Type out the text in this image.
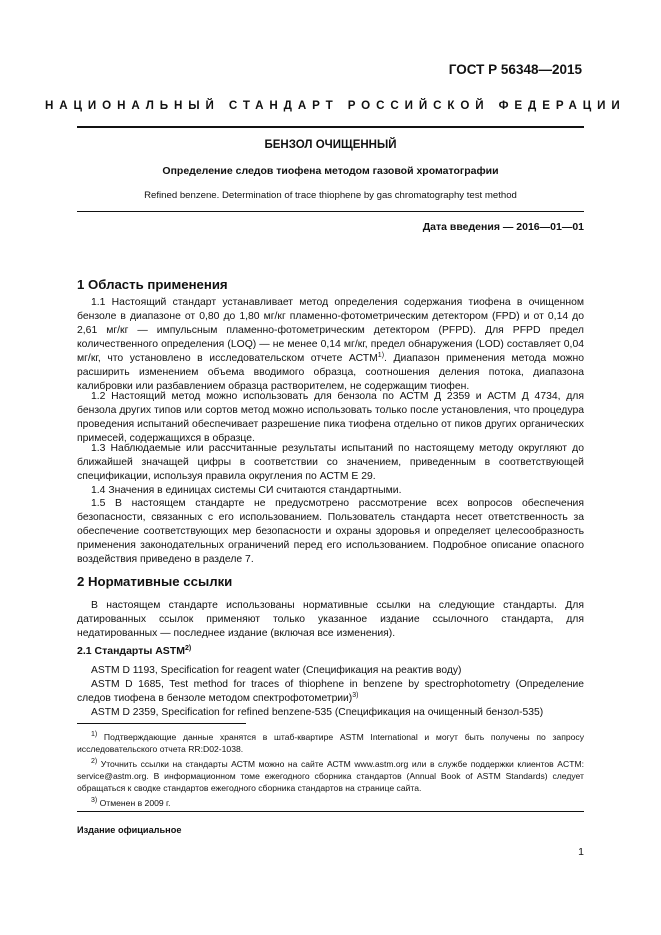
ГОСТ Р 56348—2015
НАЦИОНАЛЬНЫЙ СТАНДАРТ РОССИЙСКОЙ ФЕДЕРАЦИИ
БЕНЗОЛ ОЧИЩЕННЫЙ
Определение следов тиофена методом газовой хроматографии
Refined benzene. Determination of trace thiophene by gas chromatography test method
Дата введения — 2016—01—01
1 Область применения
1.1 Настоящий стандарт устанавливает метод определения содержания тиофена в очищенном бензоле в диапазоне от 0,80 до 1,80 мг/кг пламенно-фотометрическим детектором (FPD) и от 0,14 до 2,61 мг/кг — импульсным пламенно-фотометрическим детектором (PFPD). Для PFPD предел количественного определения (LOQ) — не менее 0,14 мг/кг, предел обнаружения (LOD) составляет 0,04 мг/кг, что установлено в исследовательском отчете АСТМ$^{1)}$. Диапазон применения метода можно расширить изменением объема вводимого образца, соотношения деления потока, диапазона калибровки или разбавлением образца растворителем, не содержащим тиофен.
1.2 Настоящий метод можно использовать для бензола по АСТМ Д 2359 и АСТМ Д 4734, для бензола других типов или сортов метод можно использовать только после установления, что процедура проведения испытаний обеспечивает разрешение пика тиофена отдельно от пиков других органических примесей, содержащихся в образце.
1.3 Наблюдаемые или рассчитанные результаты испытаний по настоящему методу округляют до ближайшей значащей цифры в соответствии со значением, приведенным в соответствующей спецификации, используя правила округления по АСТМ Е 29.
1.4 Значения в единицах системы СИ считаются стандартными.
1.5 В настоящем стандарте не предусмотрено рассмотрение всех вопросов обеспечения безопасности, связанных с его использованием. Пользователь стандарта несет ответственность за обеспечение соответствующих мер безопасности и охраны здоровья и определяет целесообразность применения законодательных ограничений перед его использованием. Подробное описание опасного воздействия приведено в разделе 7.
2 Нормативные ссылки
В настоящем стандарте использованы нормативные ссылки на следующие стандарты. Для датированных ссылок применяют только указанное издание ссылочного стандарта, для недатированных — последнее издание (включая все изменения).
2.1 Стандарты ASTM$^{2)}$
ASTM D 1193, Specification for reagent water (Спецификация на реактив воду)
ASTM D 1685, Test method for traces of thiophene in benzene by spectrophotometry (Определение следов тиофена в бензоле методом спектрофотометрии)$^{3)}$
ASTM D 2359, Specification for refined benzene-535 (Спецификация на очищенный бензол-535)
$^{1)}$ Подтверждающие данные хранятся в штаб-квартире ASTM International и могут быть получены по запросу исследовательского отчета RR:D02-1038.
$^{2)}$ Уточнить ссылки на стандарты АСТМ можно на сайте АСТМ www.astm.org или в службе поддержки клиентов ACTM: service@astm.org. В информационном томе ежегодного сборника стандартов (Annual Book of ASTM Standards) следует обращаться к сводке стандартов ежегодного сборника стандартов на странице сайта.
$^{3)}$ Отменен в 2009 г.
Издание официальное
1
